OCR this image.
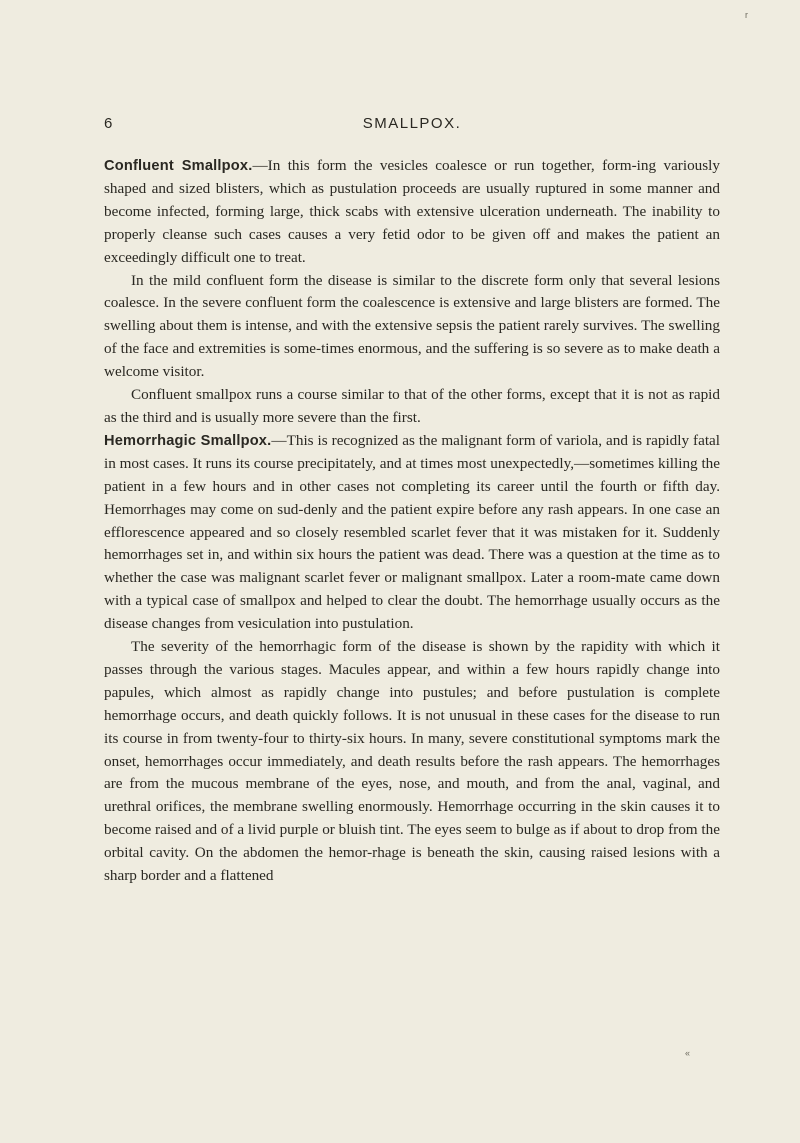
r
6	SMALLPOX.

Confluent Smallpox.—In this form the vesicles coalesce or run together, form-ing variously shaped and sized blisters, which as pustulation proceeds are usually ruptured in some manner and become infected, forming large, thick scabs with extensive ulceration underneath. The inability to properly cleanse such cases causes a very fetid odor to be given off and makes the patient an exceedingly difficult one to treat.

In the mild confluent form the disease is similar to the discrete form only that several lesions coalesce. In the severe confluent form the coalescence is extensive and large blisters are formed. The swelling about them is intense, and with the extensive sepsis the patient rarely survives. The swelling of the face and extremities is some-times enormous, and the suffering is so severe as to make death a welcome visitor.

Confluent smallpox runs a course similar to that of the other forms, except that it is not as rapid as the third and is usually more severe than the first.

Hemorrhagic Smallpox.—This is recognized as the malignant form of variola, and is rapidly fatal in most cases. It runs its course precipitately, and at times most unexpectedly,—sometimes killing the patient in a few hours and in other cases not completing its career until the fourth or fifth day. Hemorrhages may come on sud-denly and the patient expire before any rash appears. In one case an efflorescence appeared and so closely resembled scarlet fever that it was mistaken for it. Suddenly hemorrhages set in, and within six hours the patient was dead. There was a question at the time as to whether the case was malignant scarlet fever or malignant smallpox. Later a room-mate came down with a typical case of smallpox and helped to clear the doubt. The hemorrhage usually occurs as the disease changes from vesiculation into pustulation.

The severity of the hemorrhagic form of the disease is shown by the rapidity with which it passes through the various stages. Macules appear, and within a few hours rapidly change into papules, which almost as rapidly change into pustules; and before pustulation is complete hemorrhage occurs, and death quickly follows. It is not unusual in these cases for the disease to run its course in from twenty-four to thirty-six hours. In many, severe constitutional symptoms mark the onset, hemorrhages occur immediately, and death results before the rash appears. The hemorrhages are from the mucous membrane of the eyes, nose, and mouth, and from the anal, vaginal, and urethral orifices, the membrane swelling enormously. Hemorrhage occurring in the skin causes it to become raised and of a livid purple or bluish tint. The eyes seem to bulge as if about to drop from the orbital cavity. On the abdomen the hemor-rhage is beneath the skin, causing raised lesions with a sharp border and a flattened

«
